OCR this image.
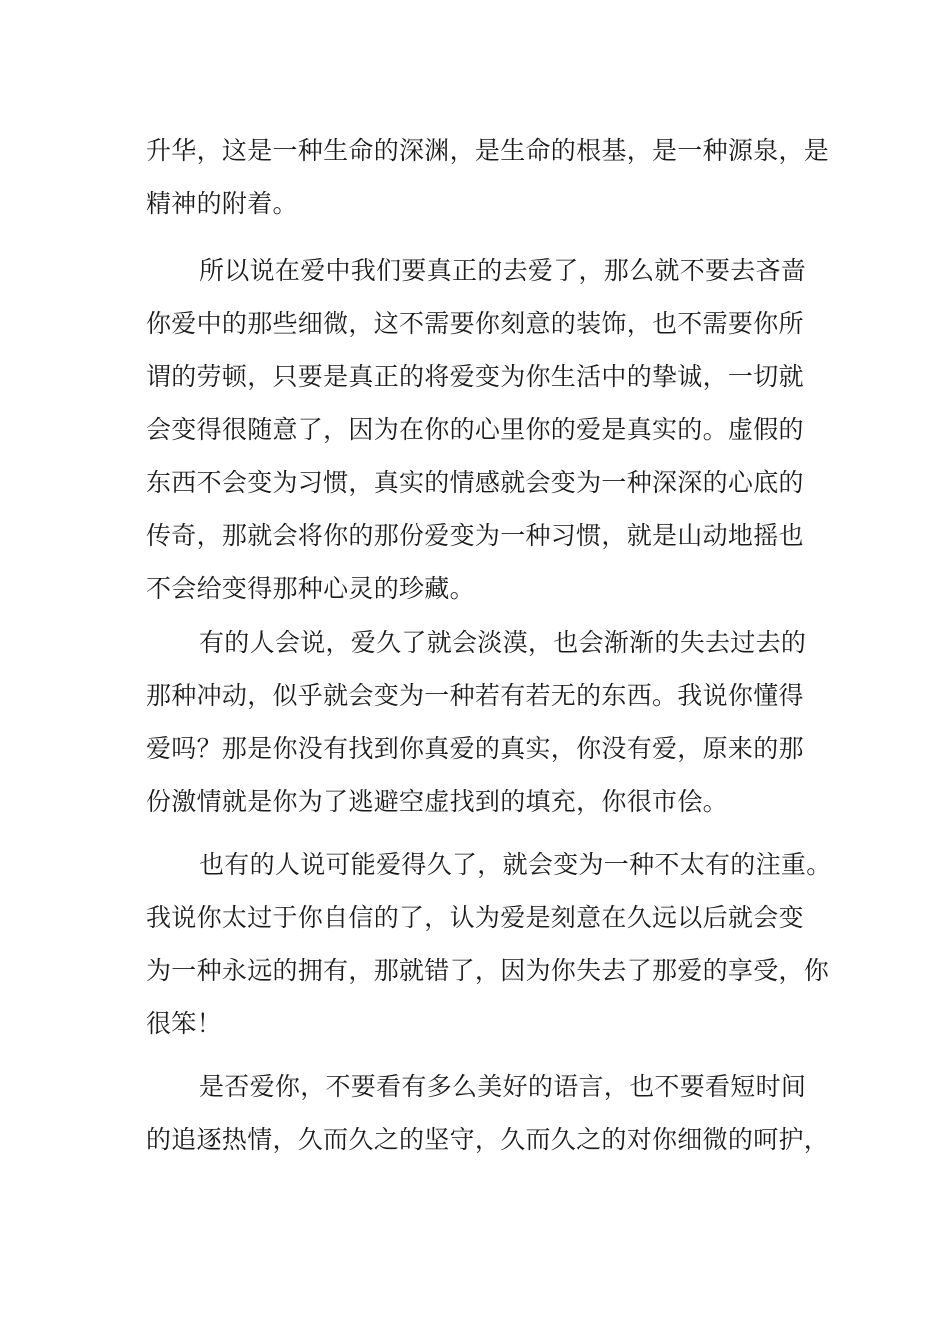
升华，这是一种生命的深渊，是生命的根基，是一种源泉，是
精神的附着。
所以说在爱中我们要真正的去爱了，那么就不要去吝啬
你爱中的那些细微，这不需要你刻意的装饰，也不需要你所
谓的劳顿，只要是真正的将爱变为你生活中的挚诚，一切就
会变得很随意了，因为在你的心里你的爱是真实的。虚假的
东西不会变为习惯，真实的情感就会变为一种深深的心底的
传奇，那就会将你的那份爱变为一种习惯，就是山动地摇也
不会给变得那种心灵的珍藏。
有的人会说，爱久了就会淡漠，也会渐渐的失去过去的
那种冲动，似乎就会变为一种若有若无的东西。我说你懂得
爱吗？那是你没有找到你真爱的真实，你没有爱，原来的那
份激情就是你为了逃避空虚找到的填充，你很市侩。
也有的人说可能爱得久了，就会变为一种不太有的注重。
我说你太过于你自信的了，认为爱是刻意在久远以后就会变
为一种永远的拥有，那就错了，因为你失去了那爱的享受，你
很笨！
是否爱你，不要看有多么美好的语言，也不要看短时间
的追逐热情，久而久之的坚守，久而久之的对你细微的呵护，
